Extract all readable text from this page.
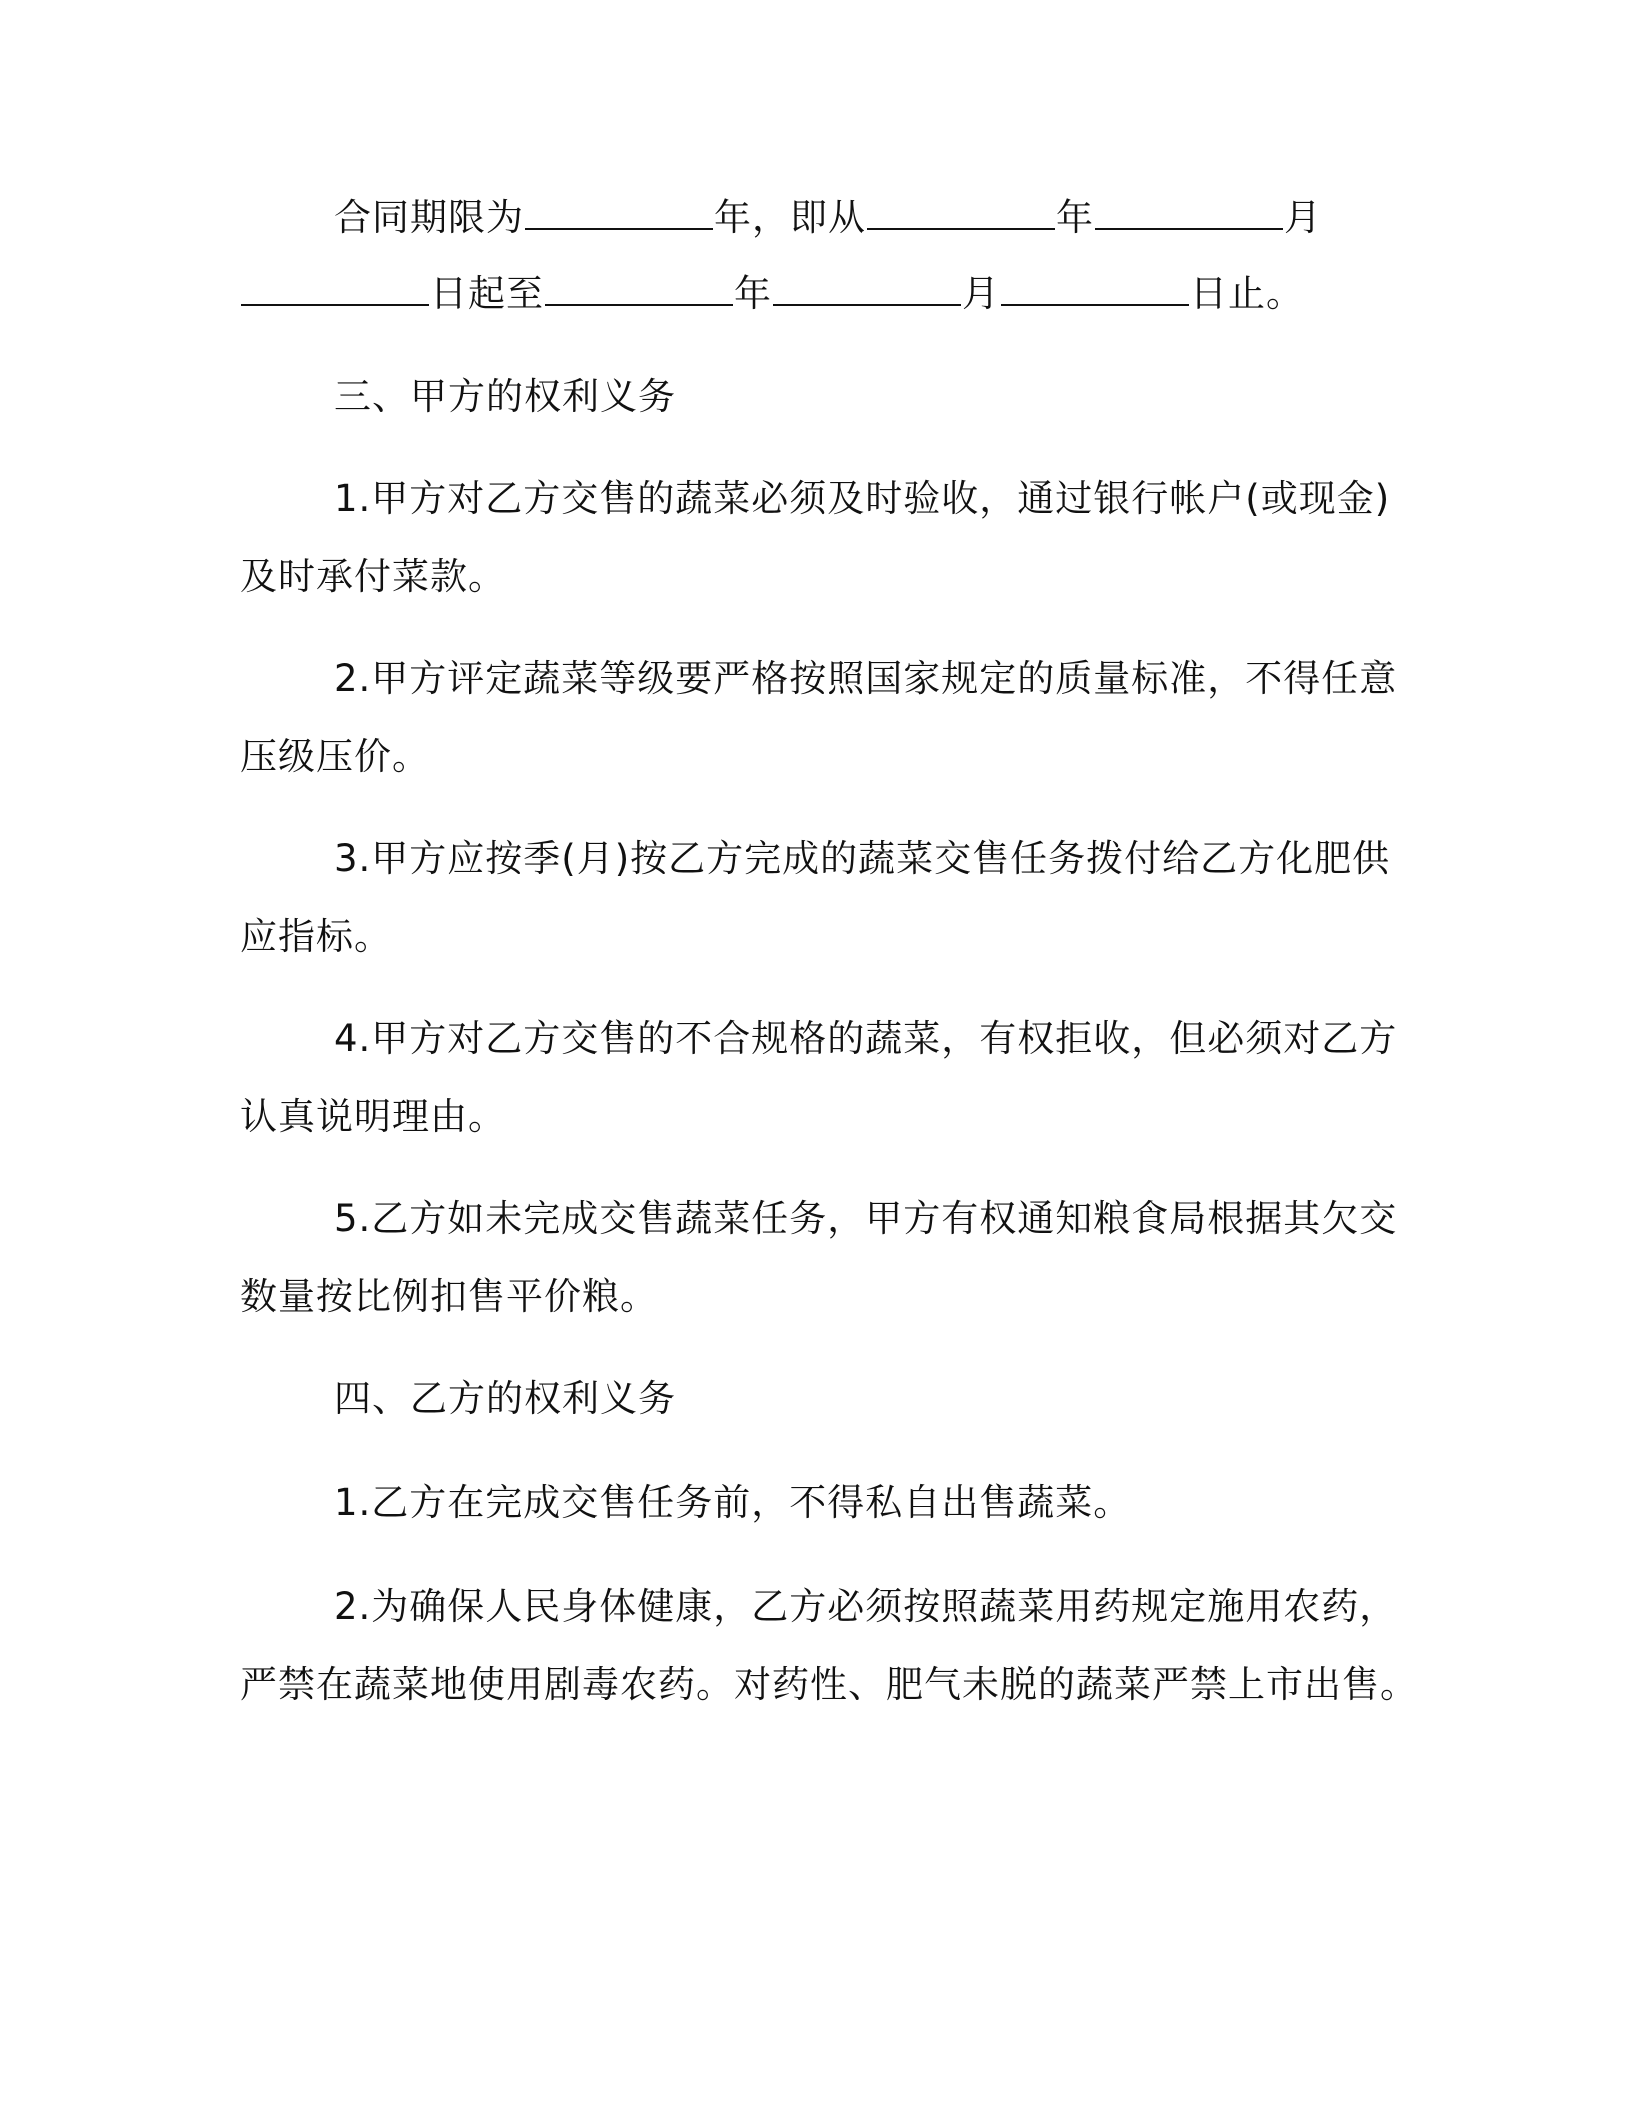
合同期限为	年，即从	年	月
日起至	年	月	日止。
三、甲方的权利义务
1.甲方对乙方交售的蔬菜必须及时验收，通过银行帐户(或现金)
及时承付菜款。
2.甲方评定蔬菜等级要严格按照国家规定的质量标准，不得任意
压级压价。
3.甲方应按季(月)按乙方完成的蔬菜交售任务拨付给乙方化肥供
应指标。
4.甲方对乙方交售的不合规格的蔬菜，有权拒收，但必须对乙方
认真说明理由。
5.乙方如未完成交售蔬菜任务，甲方有权通知粮食局根据其欠交
数量按比例扣售平价粮。
四、乙方的权利义务
1.乙方在完成交售任务前，不得私自出售蔬菜。
2.为确保人民身体健康，乙方必须按照蔬菜用药规定施用农药，
严禁在蔬菜地使用剧毒农药。对药性、肥气未脱的蔬菜严禁上市出售。
